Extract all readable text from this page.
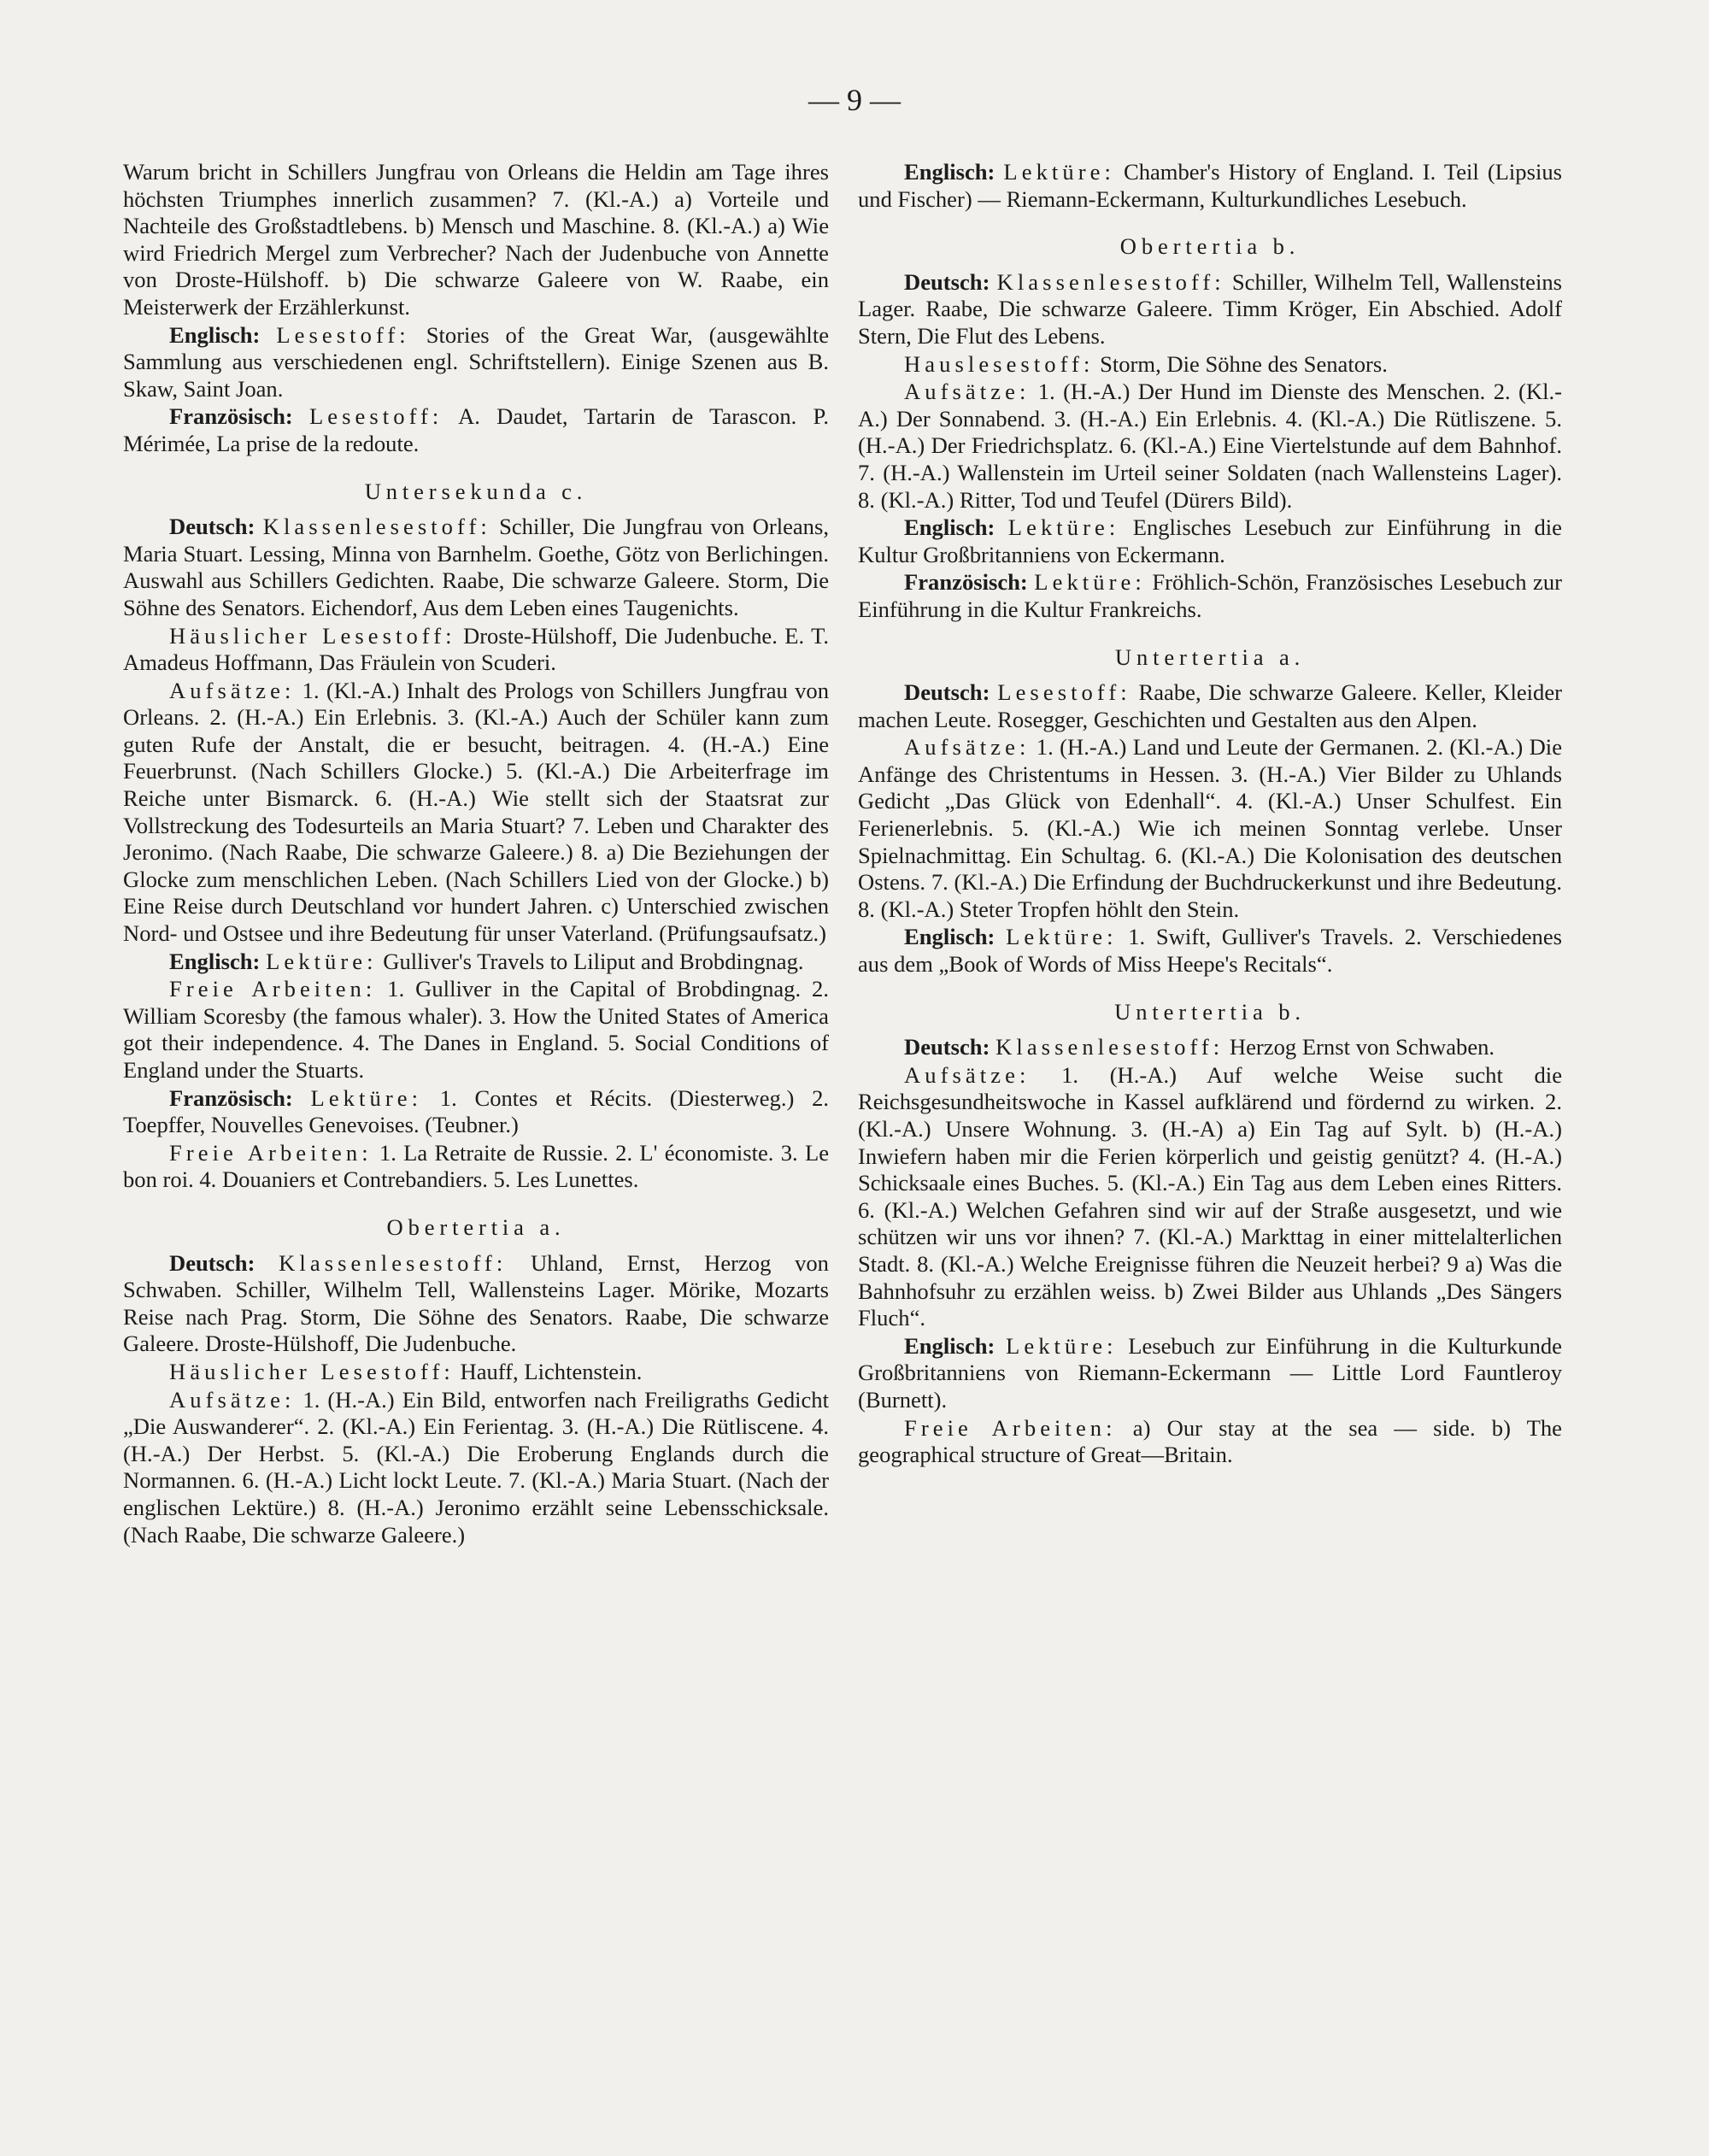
— 9 —

Warum bricht in Schillers Jungfrau von Orleans die Heldin am Tage ihres höchsten Triumphes innerlich zusammen? 7. (Kl.-A.) a) Vorteile und Nachteile des Großstadtlebens. b) Mensch und Maschine. 8. (Kl.-A.) a) Wie wird Friedrich Mergel zum Verbrecher? Nach der Judenbuche von Annette von Droste-Hülshoff. b) Die schwarze Galeere von W. Raabe, ein Meisterwerk der Erzählerkunst.

Englisch: Lesestoff: Stories of the Great War, (ausgewählte Sammlung aus verschiedenen engl. Schriftstellern). Einige Szenen aus B. Skaw, Saint Joan.

Französisch: Lesestoff: A. Daudet, Tartarin de Tarascon. P. Mérimée, La prise de la redoute.

Untersekunda c.

Deutsch: Klassenlesestoff: Schiller, Die Jungfrau von Orleans, Maria Stuart. Lessing, Minna von Barnhelm. Goethe, Götz von Berlichingen. Auswahl aus Schillers Gedichten. Raabe, Die schwarze Galeere. Storm, Die Söhne des Senators. Eichendorf, Aus dem Leben eines Taugenichts.

Häuslicher Lesestoff: Droste-Hülshoff, Die Judenbuche. E. T. Amadeus Hoffmann, Das Fräulein von Scuderi.

Aufsätze: 1. (Kl.-A.) Inhalt des Prologs von Schillers Jungfrau von Orleans. 2. (H.-A.) Ein Erlebnis. 3. (Kl.-A.) Auch der Schüler kann zum guten Rufe der Anstalt, die er besucht, beitragen. 4. (H.-A.) Eine Feuerbrunst. (Nach Schillers Glocke.) 5. (Kl.-A.) Die Arbeiterfrage im Reiche unter Bismarck. 6. (H.-A.) Wie stellt sich der Staatsrat zur Vollstreckung des Todesurteils an Maria Stuart? 7. Leben und Charakter des Jeronimo. (Nach Raabe, Die schwarze Galeere.) 8. a) Die Beziehungen der Glocke zum menschlichen Leben. (Nach Schillers Lied von der Glocke.) b) Eine Reise durch Deutschland vor hundert Jahren. c) Unterschied zwischen Nord- und Ostsee und ihre Bedeutung für unser Vaterland. (Prüfungsaufsatz.)

Englisch: Lektüre: Gulliver's Travels to Liliput and Brobdingnag.

Freie Arbeiten: 1. Gulliver in the Capital of Brobdingnag. 2. William Scoresby (the famous whaler). 3. How the United States of America got their independence. 4. The Danes in England. 5. Social Conditions of England under the Stuarts.

Französisch: Lektüre: 1. Contes et Récits. (Diesterweg.) 2. Toepffer, Nouvelles Genevoises. (Teubner.)

Freie Arbeiten: 1. La Retraite de Russie. 2. L' économiste. 3. Le bon roi. 4. Douaniers et Contrebandiers. 5. Les Lunettes.

Obertertia a.

Deutsch: Klassenlesestoff: Uhland, Ernst, Herzog von Schwaben. Schiller, Wilhelm Tell, Wallensteins Lager. Mörike, Mozarts Reise nach Prag. Storm, Die Söhne des Senators. Raabe, Die schwarze Galeere. Droste-Hülshoff, Die Judenbuche.

Häuslicher Lesestoff: Hauff, Lichtenstein.

Aufsätze: 1. (H.-A.) Ein Bild, entworfen nach Freiligraths Gedicht „Die Auswanderer“. 2. (Kl.-A.) Ein Ferientag. 3. (H.-A.) Die Rütliscene. 4. (H.-A.) Der Herbst. 5. (Kl.-A.) Die Eroberung Englands durch die Normannen. 6. (H.-A.) Licht lockt Leute. 7. (Kl.-A.) Maria Stuart. (Nach der englischen Lektüre.) 8. (H.-A.) Jeronimo erzählt seine Lebensschicksale. (Nach Raabe, Die schwarze Galeere.)

Englisch: Lektüre: Chamber's History of England. I. Teil (Lipsius und Fischer) — Riemann-Eckermann, Kulturkundliches Lesebuch.

Obertertia b.

Deutsch: Klassenlesestoff: Schiller, Wilhelm Tell, Wallensteins Lager. Raabe, Die schwarze Galeere. Timm Kröger, Ein Abschied. Adolf Stern, Die Flut des Lebens.

Hauslesestoff: Storm, Die Söhne des Senators.

Aufsätze: 1. (H.-A.) Der Hund im Dienste des Menschen. 2. (Kl.-A.) Der Sonnabend. 3. (H.-A.) Ein Erlebnis. 4. (Kl.-A.) Die Rütliszene. 5. (H.-A.) Der Friedrichsplatz. 6. (Kl.-A.) Eine Viertelstunde auf dem Bahnhof. 7. (H.-A.) Wallenstein im Urteil seiner Soldaten (nach Wallensteins Lager). 8. (Kl.-A.) Ritter, Tod und Teufel (Dürers Bild).

Englisch: Lektüre: Englisches Lesebuch zur Einführung in die Kultur Großbritanniens von Eckermann.

Französisch: Lektüre: Fröhlich-Schön, Französisches Lesebuch zur Einführung in die Kultur Frankreichs.

Untertertia a.

Deutsch: Lesestoff: Raabe, Die schwarze Galeere. Keller, Kleider machen Leute. Rosegger, Geschichten und Gestalten aus den Alpen.

Aufsätze: 1. (H.-A.) Land und Leute der Germanen. 2. (Kl.-A.) Die Anfänge des Christentums in Hessen. 3. (H.-A.) Vier Bilder zu Uhlands Gedicht „Das Glück von Edenhall“. 4. (Kl.-A.) Unser Schulfest. Ein Ferienerlebnis. 5. (Kl.-A.) Wie ich meinen Sonntag verlebe. Unser Spielnachmittag. Ein Schultag. 6. (Kl.-A.) Die Kolonisation des deutschen Ostens. 7. (Kl.-A.) Die Erfindung der Buchdruckerkunst und ihre Bedeutung. 8. (Kl.-A.) Steter Tropfen höhlt den Stein.

Englisch: Lektüre: 1. Swift, Gulliver's Travels. 2. Verschiedenes aus dem „Book of Words of Miss Heepe's Recitals“.

Untertertia b.

Deutsch: Klassenlesestoff: Herzog Ernst von Schwaben.

Aufsätze: 1. (H.-A.) Auf welche Weise sucht die Reichsgesundheitswoche in Kassel aufklärend und fördernd zu wirken. 2. (Kl.-A.) Unsere Wohnung. 3. (H.-A) a) Ein Tag auf Sylt. b) (H.-A.) Inwiefern haben mir die Ferien körperlich und geistig genützt? 4. (H.-A.) Schicksaale eines Buches. 5. (Kl.-A.) Ein Tag aus dem Leben eines Ritters. 6. (Kl.-A.) Welchen Gefahren sind wir auf der Straße ausgesetzt, und wie schützen wir uns vor ihnen? 7. (Kl.-A.) Markttag in einer mittelalterlichen Stadt. 8. (Kl.-A.) Welche Ereignisse führen die Neuzeit herbei? 9 a) Was die Bahnhofsuhr zu erzählen weiss. b) Zwei Bilder aus Uhlands „Des Sängers Fluch“.

Englisch: Lektüre: Lesebuch zur Einführung in die Kulturkunde Großbritanniens von Riemann-Eckermann — Little Lord Fauntleroy (Burnett).

Freie Arbeiten: a) Our stay at the sea — side. b) The geographical structure of Great—Britain.
